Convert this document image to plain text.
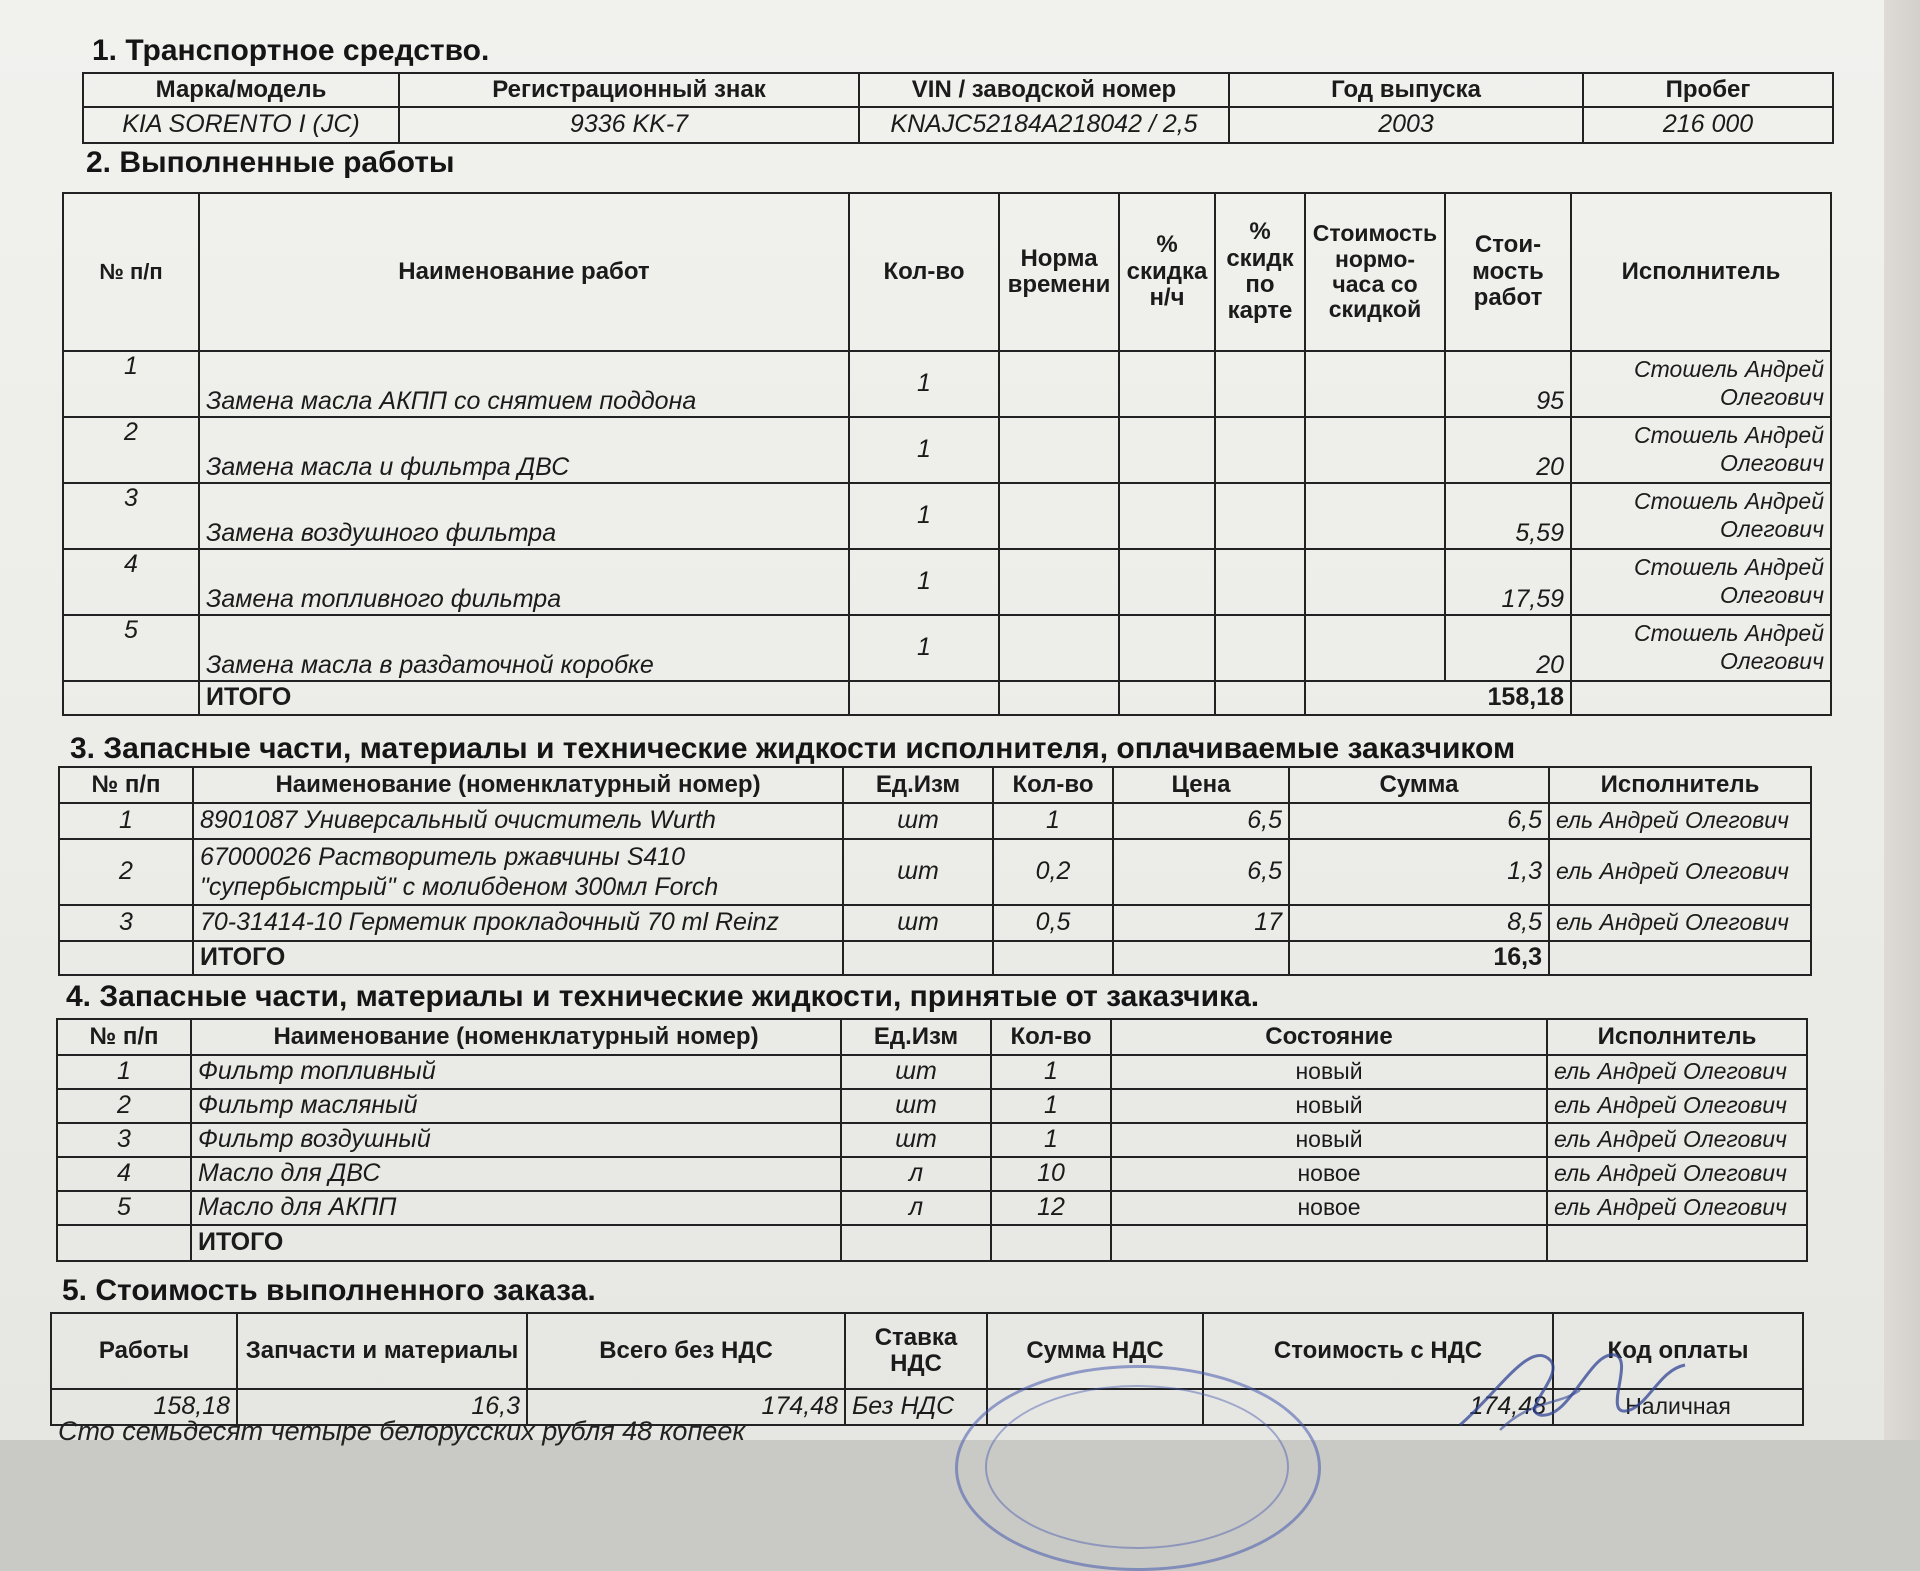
1. Транспортное средство.
Марка/модель	Регистрационный знак	VIN / заводской номер	Год выпуска	Пробег
KIA SORENTO I (JC)	9336 KK-7	KNAJC52184A218042 / 2,5	2003	216 000
2. Выполненные работы
№ п/п	Наименование работ	Кол-во	Норма времени	% скидка н/ч	% скидк по карте	Стоимость нормо-часа со скидкой	Стои-мость работ	Исполнитель
1	Замена масла АКПП со снятием поддона	1					95	Стошель Андрей Олегович
2	Замена масла и фильтра ДВС	1					20	Стошель Андрей Олегович
3	Замена воздушного фильтра	1					5,59	Стошель Андрей Олегович
4	Замена топливного фильтра	1					17,59	Стошель Андрей Олегович
5	Замена масла в раздаточной коробке	1					20	Стошель Андрей Олегович
	ИТОГО					158,18		
3. Запасные части, материалы и технические жидкости исполнителя, оплачиваемые заказчиком
№ п/п	Наименование (номенклатурный номер)	Ед.Изм	Кол-во	Цена	Сумма	Исполнитель
1	8901087 Универсальный очиститель Wurth	шт	1	6,5	6,5	ель Андрей Олегович
2	67000026 Растворитель ржавчины S410 "супербыстрый" с молибденом 300мл Forch	шт	0,2	6,5	1,3	ель Андрей Олегович
3	70-31414-10 Герметик прокладочный 70 ml Reinz	шт	0,5	17	8,5	ель Андрей Олегович
	ИТОГО				16,3	
4. Запасные части, материалы и технические жидкости, принятые от заказчика.
№ п/п	Наименование (номенклатурный номер)	Ед.Изм	Кол-во	Состояние	Исполнитель
1	Фильтр топливный	шт	1	новый	ель Андрей Олегович
2	Фильтр масляный	шт	1	новый	ель Андрей Олегович
3	Фильтр воздушный	шт	1	новый	ель Андрей Олегович
4	Масло для ДВС	л	10	новое	ель Андрей Олегович
5	Масло для АКПП	л	12	новое	ель Андрей Олегович
	ИТОГО				
5. Стоимость выполненного заказа.
Работы	Запчасти и материалы	Всего без НДС	Ставка НДС	Сумма НДС	Стоимость с НДС	Код оплаты
158,18	16,3	174,48	Без НДС		174,48	Наличная
Сто семьдесят четыре белорусских рубля 48 копеек
